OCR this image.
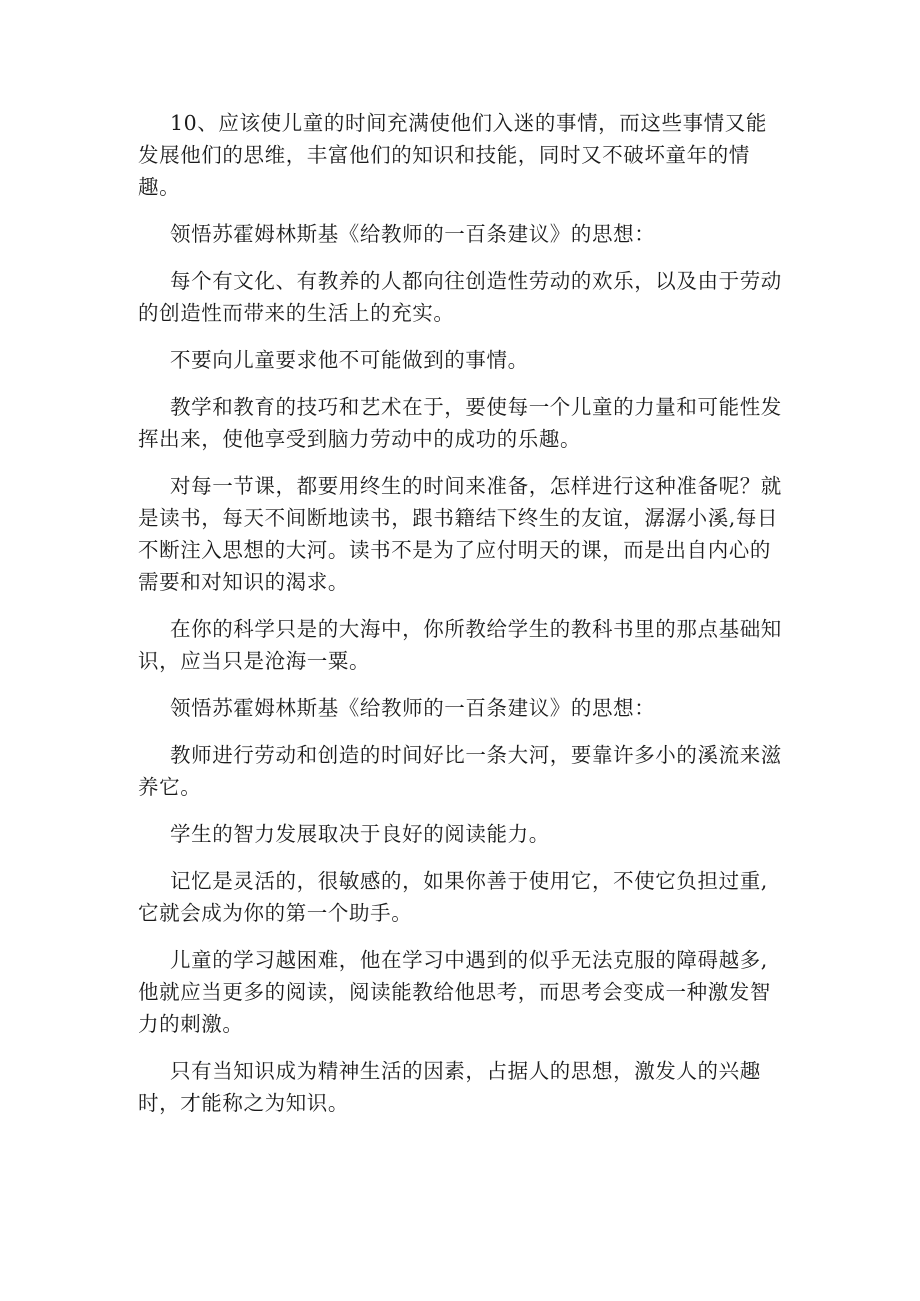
10、应该使儿童的时间充满使他们入迷的事情，而这些事情又能发展他们的思维，丰富他们的知识和技能，同时又不破坏童年的情趣。

领悟苏霍姆林斯基《给教师的一百条建议》的思想：

每个有文化、有教养的人都向往创造性劳动的欢乐，以及由于劳动的创造性而带来的生活上的充实。

不要向儿童要求他不可能做到的事情。

教学和教育的技巧和艺术在于，要使每一个儿童的力量和可能性发挥出来，使他享受到脑力劳动中的成功的乐趣。

对每一节课，都要用终生的时间来准备，怎样进行这种准备呢？就是读书，每天不间断地读书，跟书籍结下终生的友谊，潺潺小溪,每日不断注入思想的大河。读书不是为了应付明天的课，而是出自内心的需要和对知识的渴求。

在你的科学只是的大海中，你所教给学生的教科书里的那点基础知识，应当只是沧海一粟。

领悟苏霍姆林斯基《给教师的一百条建议》的思想：

教师进行劳动和创造的时间好比一条大河，要靠许多小的溪流来滋养它。

学生的智力发展取决于良好的阅读能力。

记忆是灵活的，很敏感的，如果你善于使用它，不使它负担过重,它就会成为你的第一个助手。

儿童的学习越困难，他在学习中遇到的似乎无法克服的障碍越多,他就应当更多的阅读，阅读能教给他思考，而思考会变成一种激发智力的刺激。

只有当知识成为精神生活的因素，占据人的思想，激发人的兴趣时，才能称之为知识。
